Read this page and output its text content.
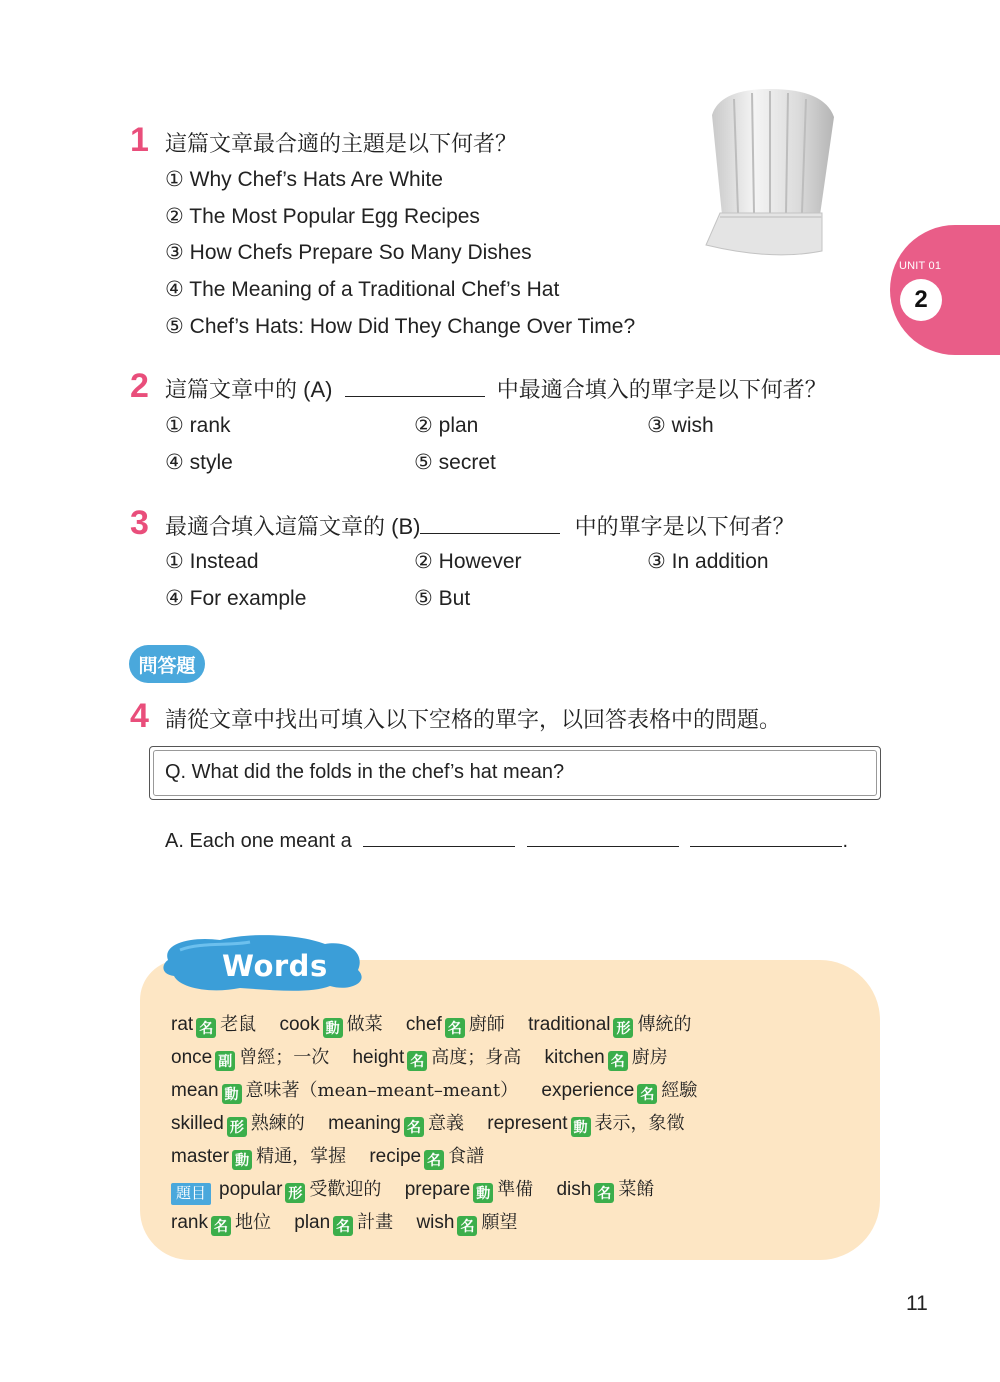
UNIT 01
2
1 這篇文章最合適的主題是以下何者？
① Why Chef’s Hats Are White
② The Most Popular Egg Recipes
③ How Chefs Prepare So Many Dishes
④ The Meaning of a Traditional Chef’s Hat
⑤ Chef’s Hats: How Did They Change Over Time?
2 這篇文章中的 (A)	中最適合填入的單字是以下何者？
① rank	② plan	③ wish
④ style	⑤ secret
3 最適合填入這篇文章的 (B)	中的單字是以下何者？
① Instead	② However	③ In addition
④ For example	⑤ But
問答題
4 請從文章中找出可填入以下空格的單字，以回答表格中的問題。
Q. What did the folds in the chef’s hat mean?
A. Each one meant a	.
Words
rat 名 老鼠 cook 動 做菜 chef 名 廚師 traditional 形 傳統的
once 副 曾經；一次 height 名 高度；身高 kitchen 名 廚房
mean 動 意味著（mean–meant–meant） experience 名 經驗
skilled 形 熟練的 meaning 名 意義 represent 動 表示，象徵
master 動 精通，掌握 recipe 名 食譜
題目 popular 形 受歡迎的 prepare 動 準備 dish 名 菜餚
rank 名 地位 plan 名 計畫 wish 名 願望
11
